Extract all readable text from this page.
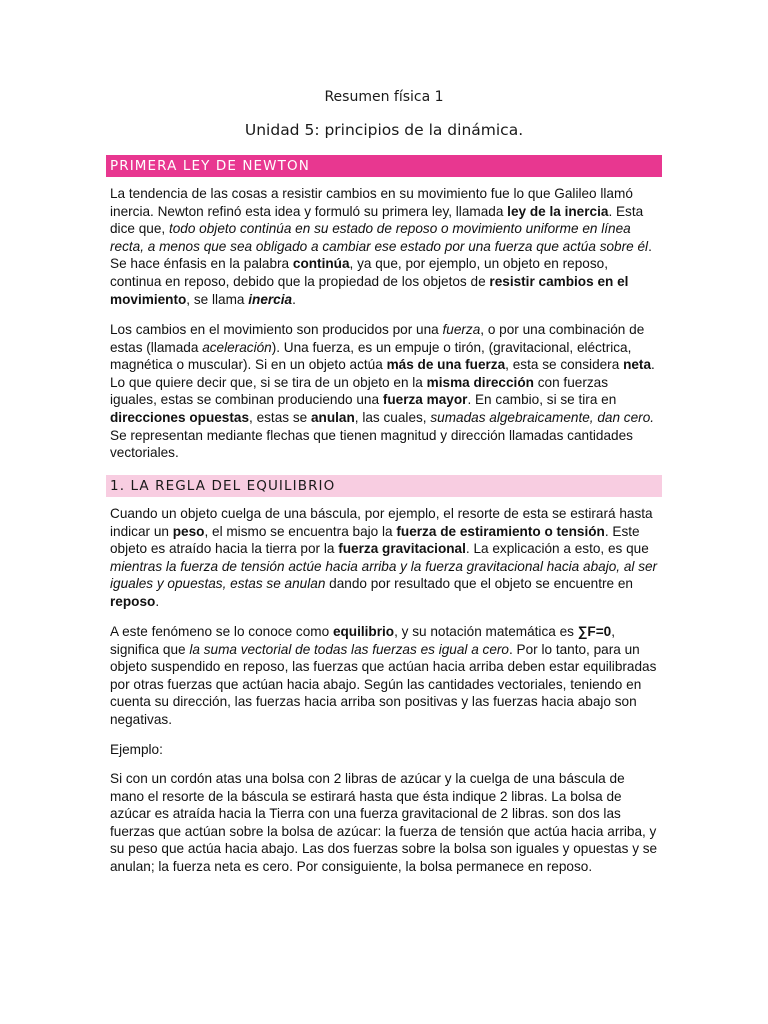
Resumen física 1
Unidad 5: principios de la dinámica.
PRIMERA LEY DE NEWTON

La tendencia de las cosas a resistir cambios en su movimiento fue lo que Galileo llamó inercia. Newton refinó esta idea y formuló su primera ley, llamada ley de la inercia. Esta dice que, todo objeto continúa en su estado de reposo o movimiento uniforme en línea recta, a menos que sea obligado a cambiar ese estado por una fuerza que actúa sobre él. Se hace énfasis en la palabra continúa, ya que, por ejemplo, un objeto en reposo, continua en reposo, debido que la propiedad de los objetos de resistir cambios en el movimiento, se llama inercia.

Los cambios en el movimiento son producidos por una fuerza, o por una combinación de estas (llamada aceleración). Una fuerza, es un empuje o tirón, (gravitacional, eléctrica, magnética o muscular). Si en un objeto actúa más de una fuerza, esta se considera neta. Lo que quiere decir que, si se tira de un objeto en la misma dirección con fuerzas iguales, estas se combinan produciendo una fuerza mayor. En cambio, si se tira en direcciones opuestas, estas se anulan, las cuales, sumadas algebraicamente, dan cero. Se representan mediante flechas que tienen magnitud y dirección llamadas cantidades vectoriales.

1. LA REGLA DEL EQUILIBRIO

Cuando un objeto cuelga de una báscula, por ejemplo, el resorte de esta se estirará hasta indicar un peso, el mismo se encuentra bajo la fuerza de estiramiento o tensión. Este objeto es atraído hacia la tierra por la fuerza gravitacional. La explicación a esto, es que mientras la fuerza de tensión actúe hacia arriba y la fuerza gravitacional hacia abajo, al ser iguales y opuestas, estas se anulan dando por resultado que el objeto se encuentre en reposo.

A este fenómeno se lo conoce como equilibrio, y su notación matemática es ∑F=0, significa que la suma vectorial de todas las fuerzas es igual a cero. Por lo tanto, para un objeto suspendido en reposo, las fuerzas que actúan hacia arriba deben estar equilibradas por otras fuerzas que actúan hacia abajo. Según las cantidades vectoriales, teniendo en cuenta su dirección, las fuerzas hacia arriba son positivas y las fuerzas hacia abajo son negativas.

Ejemplo:

Si con un cordón atas una bolsa con 2 libras de azúcar y la cuelga de una báscula de mano el resorte de la báscula se estirará hasta que ésta indique 2 libras. La bolsa de azúcar es atraída hacia la Tierra con una fuerza gravitacional de 2 libras. son dos las fuerzas que actúan sobre la bolsa de azúcar: la fuerza de tensión que actúa hacia arriba, y su peso que actúa hacia abajo. Las dos fuerzas sobre la bolsa son iguales y opuestas y se anulan; la fuerza neta es cero. Por consiguiente, la bolsa permanece en reposo.
